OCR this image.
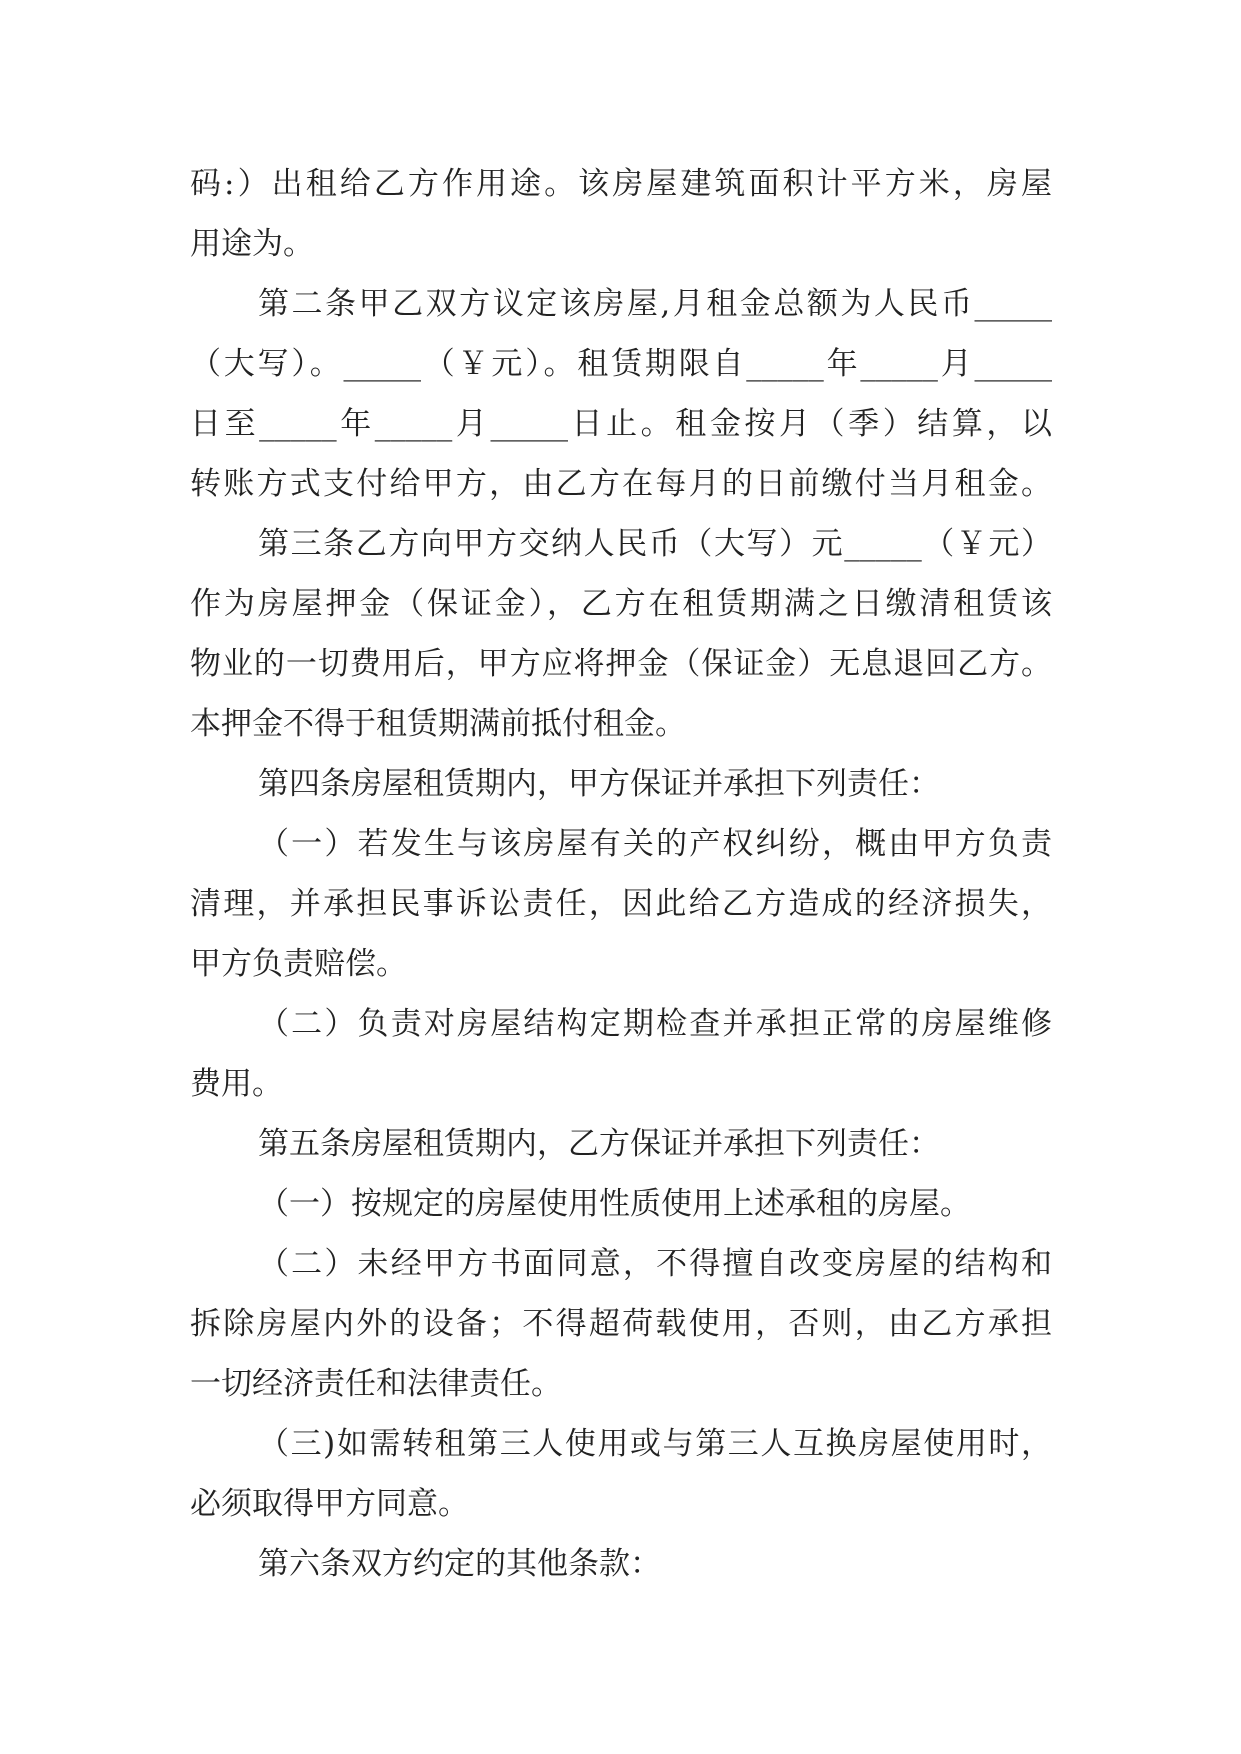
码:）出租给乙方作用途。该房屋建筑面积计平方米，房屋
用途为。
第二条甲乙双方议定该房屋,月租金总额为人民币_____
（大写）。_____（￥元）。租赁期限自_____年_____月_____
日至_____年_____月_____日止。租金按月（季）结算，以
转账方式支付给甲方，由乙方在每月的日前缴付当月租金。
第三条乙方向甲方交纳人民币（大写）元_____（￥元）
作为房屋押金（保证金），乙方在租赁期满之日缴清租赁该
物业的一切费用后，甲方应将押金（保证金）无息退回乙方。
本押金不得于租赁期满前抵付租金。
第四条房屋租赁期内，甲方保证并承担下列责任：
（一）若发生与该房屋有关的产权纠纷，概由甲方负责
清理，并承担民事诉讼责任，因此给乙方造成的经济损失，
甲方负责赔偿。
（二）负责对房屋结构定期检查并承担正常的房屋维修
费用。
第五条房屋租赁期内，乙方保证并承担下列责任：
（一）按规定的房屋使用性质使用上述承租的房屋。
（二）未经甲方书面同意，不得擅自改变房屋的结构和
拆除房屋内外的设备；不得超荷载使用，否则，由乙方承担
一切经济责任和法律责任。
（三)如需转租第三人使用或与第三人互换房屋使用时，
必须取得甲方同意。
第六条双方约定的其他条款：
